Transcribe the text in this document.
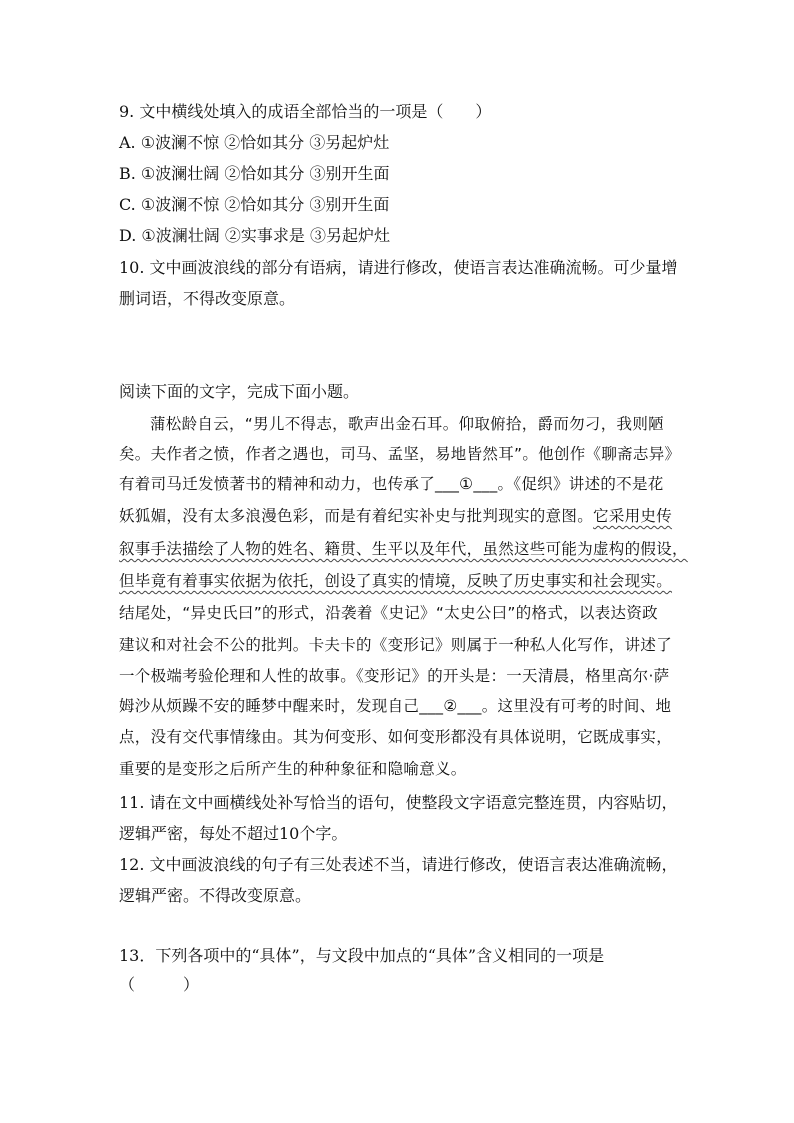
9. 文中横线处填入的成语全部恰当的一项是（　　）
A. ①波澜不惊 ②恰如其分 ③另起炉灶
B. ①波澜壮阔 ②恰如其分 ③别开生面
C. ①波澜不惊 ②恰如其分 ③别开生面
D. ①波澜壮阔 ②实事求是 ③另起炉灶
10. 文中画波浪线的部分有语病，请进行修改，使语言表达准确流畅。可少量增
删词语，不得改变原意。
阅读下面的文字，完成下面小题。
蒲松龄自云，“男儿不得志，歌声出金石耳。仰取俯拾，爵而勿刁，我则陋
矣。夫作者之愤，作者之遇也，司马、孟坚，易地皆然耳”。他创作《聊斋志异》
有着司马迁发愤著书的精神和动力，也传承了___①___。《促织》讲述的不是花
妖狐媚，没有太多浪漫色彩，而是有着纪实补史与批判现实的意图。它采用史传
叙事手法描绘了人物的姓名、籍贯、生平以及年代，虽然这些可能为虚构的假设，
但毕竟有着事实依据为依托，创设了真实的情境，反映了历史事实和社会现实。
结尾处，“异史氏曰”的形式，沿袭着《史记》“太史公曰”的格式，以表达资政
建议和对社会不公的批判。卡夫卡的《变形记》则属于一种私人化写作，讲述了
一个极端考验伦理和人性的故事。《变形记》的开头是：一天清晨，格里高尔·萨
姆沙从烦躁不安的睡梦中醒来时，发现自己___②___。这里没有可考的时间、地
点，没有交代事情缘由。其为何变形、如何变形都没有具体说明，它既成事实，
重要的是变形之后所产生的种种象征和隐喻意义。
11. 请在文中画横线处补写恰当的语句，使整段文字语意完整连贯，内容贴切，
逻辑严密，每处不超过10个字。
12. 文中画波浪线的句子有三处表述不当，请进行修改，使语言表达准确流畅，
逻辑严密。不得改变原意。
13．下列各项中的“具体”，与文段中加点的“具体”含义相同的一项是
（　　　）
